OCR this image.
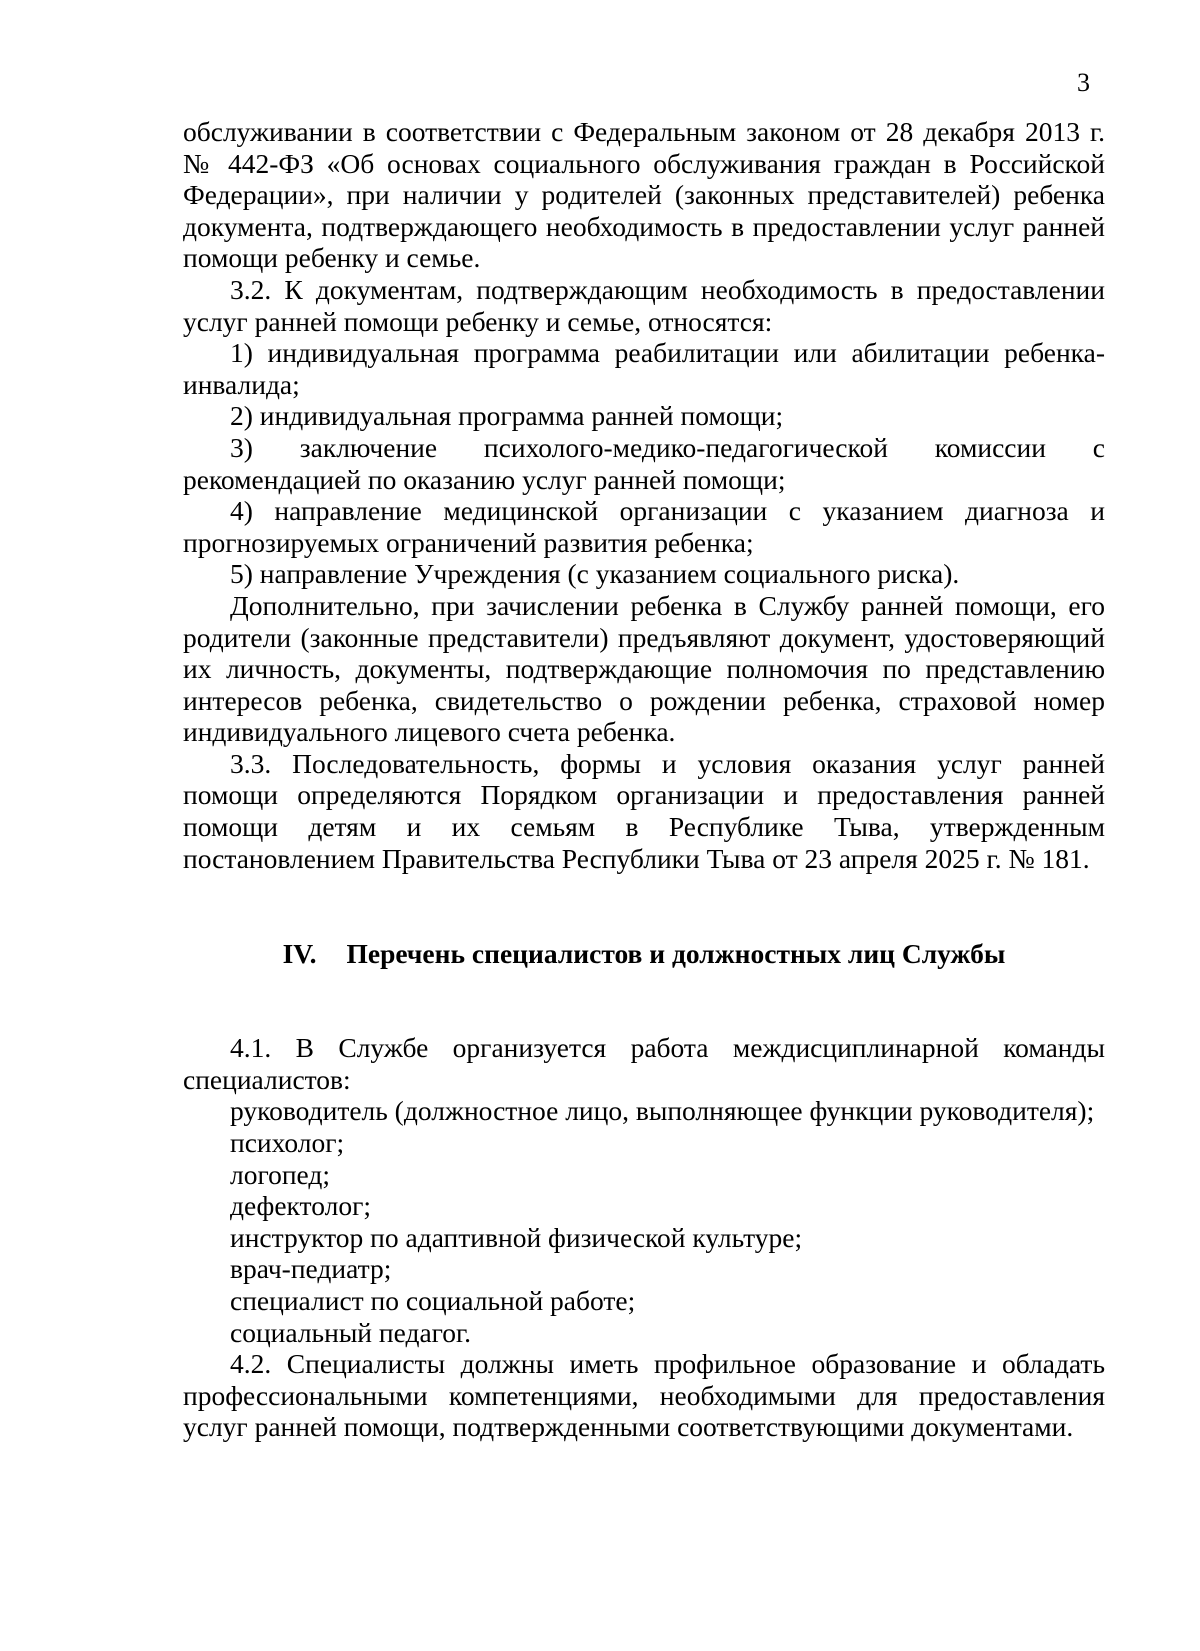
3

обслуживании в соответствии с Федеральным законом от 28 декабря 2013 г. № 442-ФЗ «Об основах социального обслуживания граждан в Российской Федерации», при наличии у родителей (законных представителей) ребенка документа, подтверждающего необходимость в предоставлении услуг ранней помощи ребенку и семье.

3.2. К документам, подтверждающим необходимость в предоставлении услуг ранней помощи ребенку и семье, относятся:

1) индивидуальная программа реабилитации или абилитации ребенка-инвалида;

2) индивидуальная программа ранней помощи;

3) заключение психолого-медико-педагогической комиссии с рекомендацией по оказанию услуг ранней помощи;

4) направление медицинской организации с указанием диагноза и прогнозируемых ограничений развития ребенка;

5) направление Учреждения (с указанием социального риска).

Дополнительно, при зачислении ребенка в Службу ранней помощи, его родители (законные представители) предъявляют документ, удостоверяющий их личность, документы, подтверждающие полномочия по представлению интересов ребенка, свидетельство о рождении ребенка, страховой номер индивидуального лицевого счета ребенка.

3.3. Последовательность, формы и условия оказания услуг ранней помощи определяются Порядком организации и предоставления ранней помощи детям и их семьям в Республике Тыва, утвержденным постановлением Правительства Республики Тыва от 23 апреля 2025 г. № 181.

IV. Перечень специалистов и должностных лиц Службы

4.1. В Службе организуется работа междисциплинарной команды специалистов:

руководитель (должностное лицо, выполняющее функции руководителя);

психолог;

логопед;

дефектолог;

инструктор по адаптивной физической культуре;

врач-педиатр;

специалист по социальной работе;

социальный педагог.

4.2. Специалисты должны иметь профильное образование и обладать профессиональными компетенциями, необходимыми для предоставления услуг ранней помощи, подтвержденными соответствующими документами.
